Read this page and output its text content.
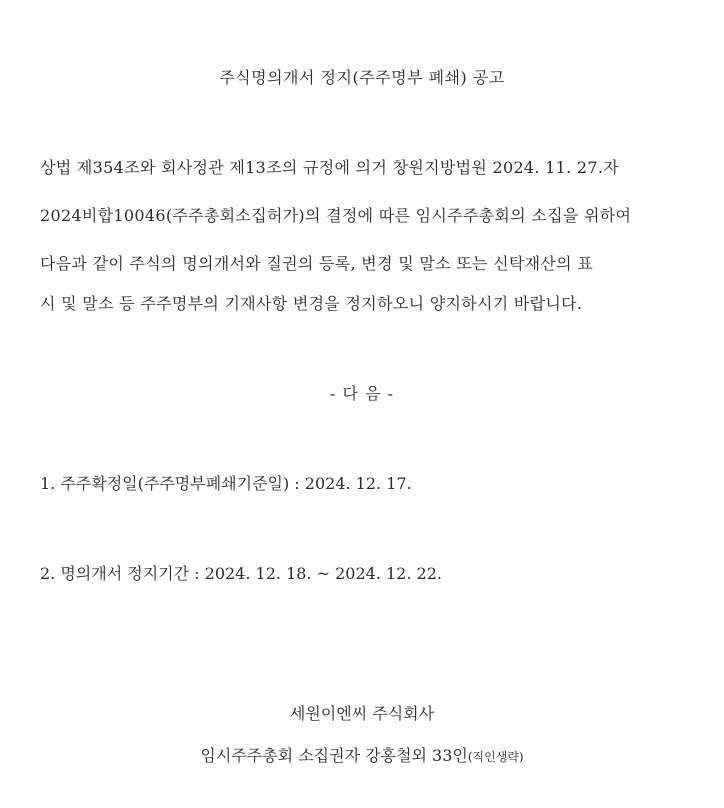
주식명의개서 정지(주주명부 폐쇄) 공고
상법 제354조와 회사정관 제13조의 규정에 의거 창원지방법원 2024. 11. 27.자
2024비합10046(주주총회소집허가)의 결정에 따른 임시주주총회의 소집을 위하여
다음과 같이 주식의 명의개서와 질권의 등록, 변경 및 말소 또는 신탁재산의 표
시 및 말소 등 주주명부의 기재사항 변경을 정지하오니 양지하시기 바랍니다.
- 다 음 -
1. 주주확정일(주주명부폐쇄기준일) : 2024. 12. 17.
2. 명의개서 정지기간 : 2024. 12. 18. ~ 2024. 12. 22.
세원이엔씨 주식회사
임시주주총회 소집권자 강홍철외 33인(직인생략)
